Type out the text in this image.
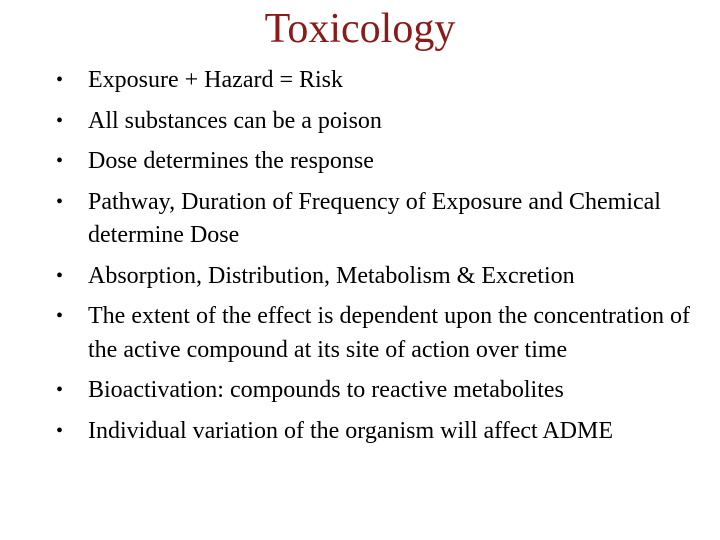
Toxicology
•	Exposure + Hazard = Risk
•	All substances can be a poison
•	Dose determines the response
•	Pathway, Duration of Frequency of Exposure and Chemical determine Dose
•	Absorption, Distribution, Metabolism & Excretion
•	The extent of the effect is dependent upon the concentration of the active compound at its site of action over time
•	Bioactivation: compounds to reactive metabolites
•	Individual variation of the organism will affect ADME
